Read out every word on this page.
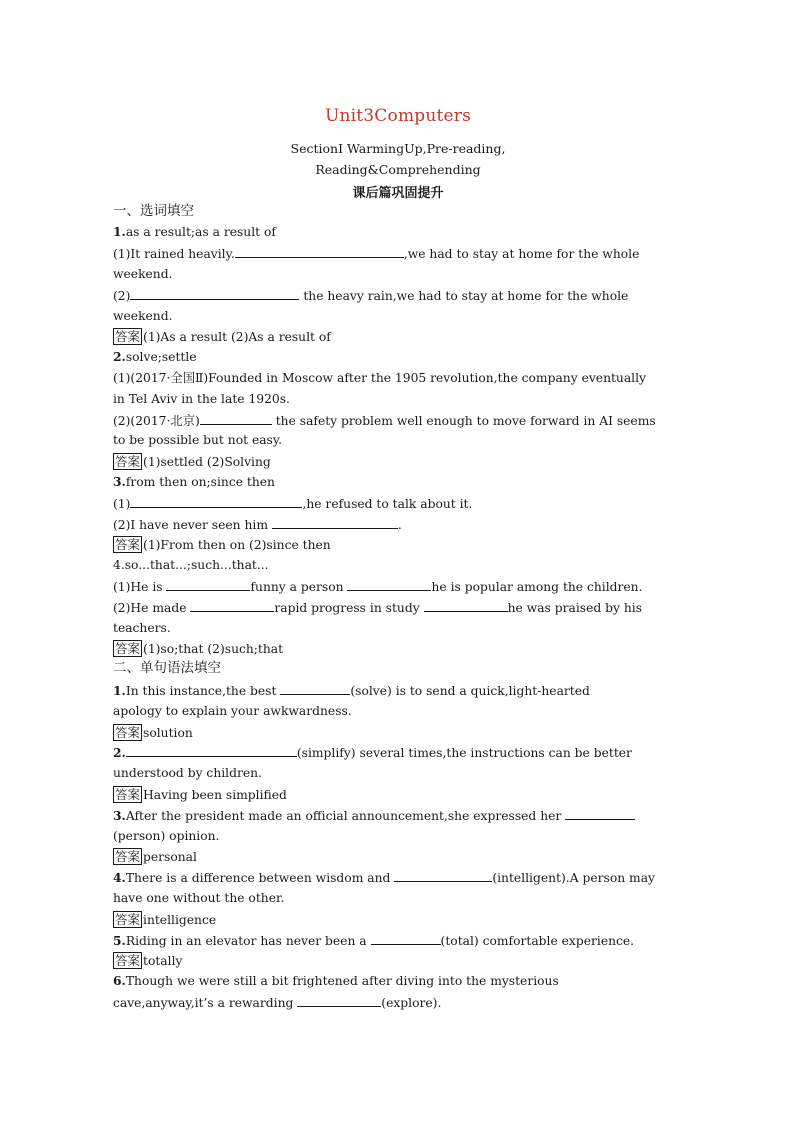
Unit3Computers
SectionⅠ WarmingUp,Pre-reading,
Reading&Comprehending
课后篇巩固提升
一、选词填空
1.as a result;as a result of
(1)It rained heavily.	,we had to stay at home for the whole
weekend.
(2)	the heavy rain,we had to stay at home for the whole
weekend.
答案 (1)As a result (2)As a result of
2.solve;settle
(1)(2017·全国Ⅱ)Founded in Moscow after the 1905 revolution,the company eventually
in Tel Aviv in the late 1920s.
(2)(2017·北京)	the safety problem well enough to move forward in AI seems
to be possible but not easy.
答案 (1)settled (2)Solving
3.from then on;since then
(1)	,he refused to talk about it.
(2)I have never seen him	.
答案 (1)From then on (2)since then
4.so...that...;such...that...
(1)He is	funny a person	he is popular among the children.
(2)He made	rapid progress in study	he was praised by his
teachers.
答案 (1)so;that (2)such;that
二、单句语法填空
1.In this instance,the best	(solve) is to send a quick,light-hearted
apology to explain your awkwardness.
答案 solution
2.	(simplify) several times,the instructions can be better
understood by children.
答案 Having been simplified
3.After the president made an official announcement,she expressed her
(person) opinion.
答案 personal
4.There is a difference between wisdom and	(intelligent).A person may
have one without the other.
答案 intelligence
5.Riding in an elevator has never been a	(total) comfortable experience.
答案 totally
6.Though we were still a bit frightened after diving into the mysterious
cave,anyway,it’s a rewarding	(explore).
